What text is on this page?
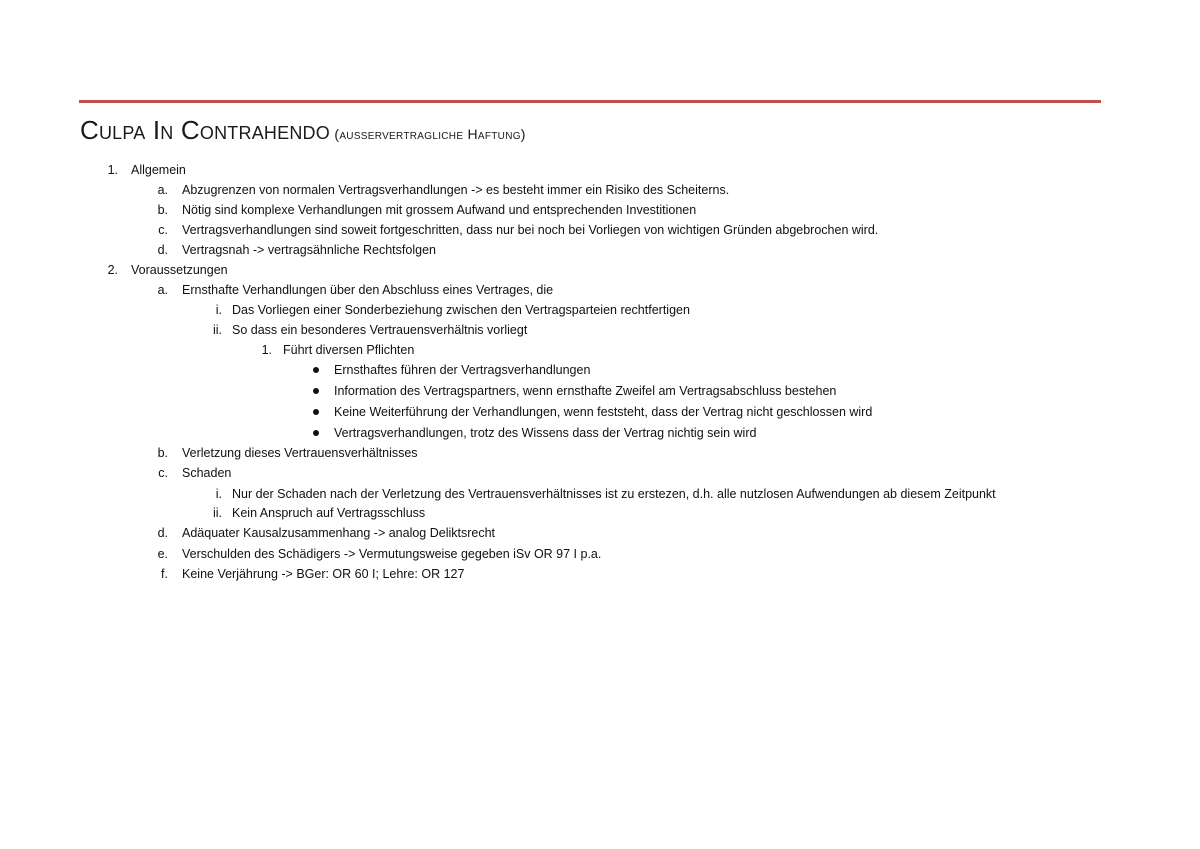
Culpa In Contrahendo (ausservertragliche Haftung)
1. Allgemein
a. Abzugrenzen von normalen Vertragsverhandlungen -> es besteht immer ein Risiko des Scheiterns.
b. Nötig sind komplexe Verhandlungen mit grossem Aufwand und entsprechenden Investitionen
c. Vertragsverhandlungen sind soweit fortgeschritten, dass nur bei noch bei Vorliegen von wichtigen Gründen abgebrochen wird.
d. Vertragsnah -> vertragsähnliche Rechtsfolgen
2. Voraussetzungen
a. Ernsthafte Verhandlungen über den Abschluss eines Vertrages, die
i. Das Vorliegen einer Sonderbeziehung zwischen den Vertragsparteien rechtfertigen
ii. So dass ein besonderes Vertrauensverhältnis vorliegt
1. Führt diversen Pflichten
Ernsthaftes führen der Vertragsverhandlungen
Information des Vertragspartners, wenn ernsthafte Zweifel am Vertragsabschluss bestehen
Keine Weiterführung der Verhandlungen, wenn feststeht, dass der Vertrag nicht geschlossen wird
Vertragsverhandlungen, trotz des Wissens dass der Vertrag nichtig sein wird
b. Verletzung dieses Vertrauensverhältnisses
c. Schaden
i. Nur der Schaden nach der Verletzung des Vertrauensverhältnisses ist zu erstezen, d.h. alle nutzlosen Aufwendungen ab diesem Zeitpunkt
ii. Kein Anspruch auf Vertragsschluss
d. Adäquater Kausalzusammenhang -> analog Deliktsrecht
e. Verschulden des Schädigers -> Vermutungsweise gegeben iSv OR 97 I p.a.
f. Keine Verjährung -> BGer: OR 60 I; Lehre: OR 127
